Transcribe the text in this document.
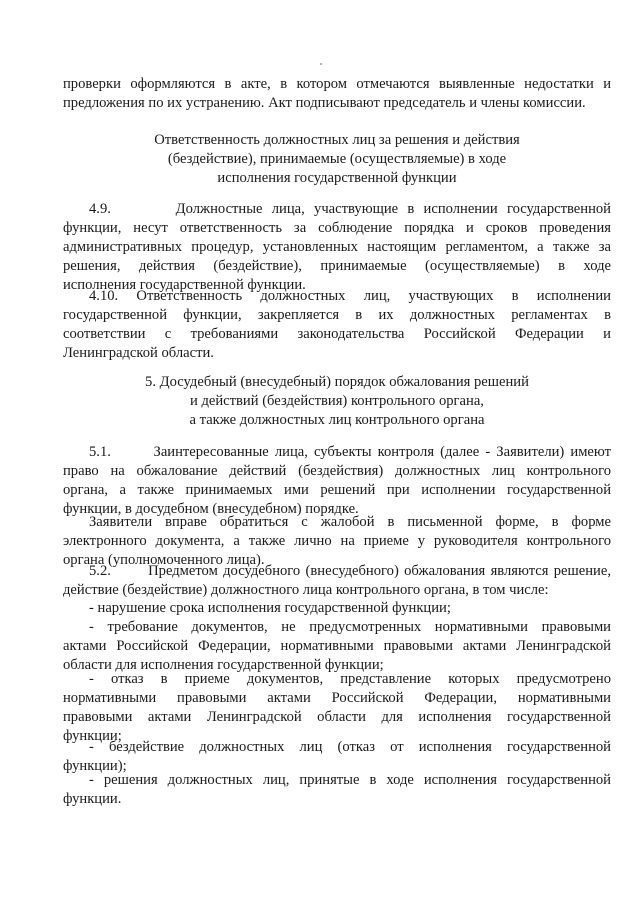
проверки оформляются в акте, в котором отмечаются выявленные недостатки и
предложения по их устранению. Акт подписывают председатель и члены комиссии.
Ответственность должностных лиц за решения и действия
(бездействие), принимаемые (осуществляемые) в ходе
исполнения государственной функции
4.9.       Должностные лица, участвующие в исполнении государственной
функции, несут ответственность за соблюдение порядка и сроков проведения
административных процедур, установленных настоящим регламентом, а также за
решения, действия (бездействие), принимаемые (осуществляемые) в ходе
исполнения государственной функции.
4.10. Ответственность должностных лиц, участвующих в исполнении
государственной функции, закрепляется в их должностных регламентах в
соответствии с требованиями законодательства Российской Федерации и
Ленинградской области.
5. Досудебный (внесудебный) порядок обжалования решений
и действий (бездействия) контрольного органа,
а также должностных лиц контрольного органа
5.1.       Заинтересованные лица, субъекты контроля (далее - Заявители) имеют
право на обжалование действий (бездействия) должностных лиц контрольного
органа, а также принимаемых ими решений при исполнении государственной
функции, в досудебном (внесудебном) порядке.
Заявители вправе обратиться с жалобой в письменной форме, в форме
электронного документа, а также лично на приеме у руководителя контрольного
органа (уполномоченного лица).
5.2.       Предметом досудебного (внесудебного) обжалования являются решение,
действие (бездействие) должностного лица контрольного органа, в том числе:
- нарушение срока исполнения государственной функции;
- требование документов, не предусмотренных нормативными правовыми
актами Российской Федерации, нормативными правовыми актами Ленинградской
области для исполнения государственной функции;
- отказ в приеме документов, представление которых предусмотрено
нормативными правовыми актами Российской Федерации, нормативными
правовыми актами Ленинградской области для исполнения государственной
функции;
- бездействие должностных лиц (отказ от исполнения государственной
функции);
- решения должностных лиц, принятые в ходе исполнения государственной
функции.
